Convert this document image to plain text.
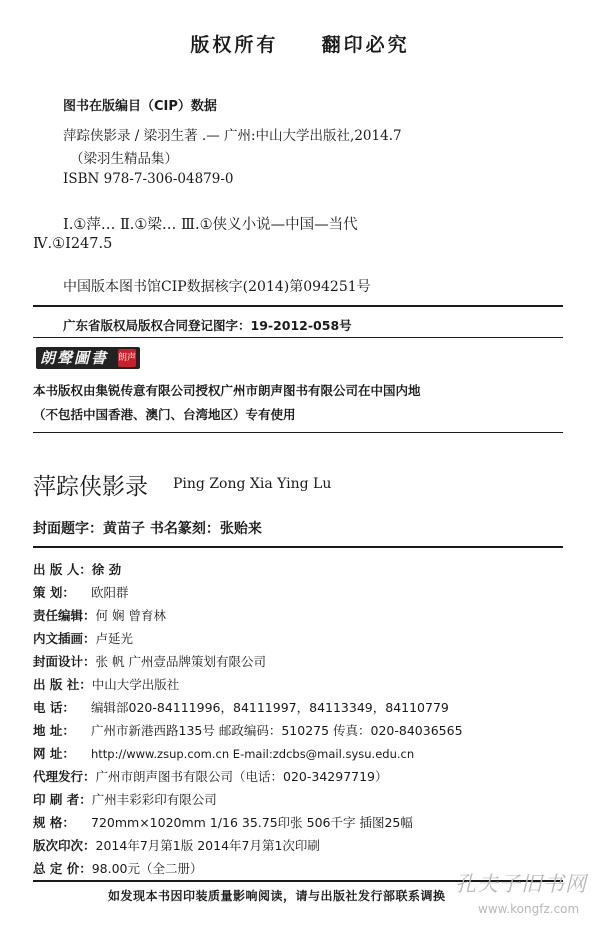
版权所有 翻印必究
图书在版编目（CIP）数据
萍踪侠影录 / 梁羽生著 .— 广州:中山大学出版社,2014.7
（梁羽生精品集）
ISBN 978-7-306-04879-0
Ⅰ.①萍… Ⅱ.①梁… Ⅲ.①侠义小说—中国—当代
Ⅳ.①I247.5
中国版本图书馆CIP数据核字(2014)第094251号
广东省版权局版权合同登记图字：19-2012-058号
朗聲圖書 朗声
本书版权由集锐传意有限公司授权广州市朗声图书有限公司在中国内地
（不包括中国香港、澳门、台湾地区）专有使用
萍踪侠影录 Ping Zong Xia Ying Lu
封面题字：黄苗子 书名篆刻：张贻来
出 版 人：徐 劲
策 划： 欧阳群
责任编辑：何 娴 曾育林
内文插画：卢延光
封面设计：张 帆 广州壹品牌策划有限公司
出 版 社：中山大学出版社
电 话： 编辑部020-84111996，84111997，84113349，84110779
地 址： 广州市新港西路135号 邮政编码：510275 传真：020-84036565
网 址： http://www.zsup.com.cn E-mail:zdcbs@mail.sysu.edu.cn
代理发行：广州市朗声图书有限公司（电话：020-34297719）
印 刷 者：广州丰彩彩印有限公司
规 格： 720mm×1020mm 1/16 35.75印张 506千字 插图25幅
版次印次：2014年7月第1版 2014年7月第1次印刷
总 定 价：98.00元（全二册）
如发现本书因印装质量影响阅读，请与出版社发行部联系调换 孔夫子旧书网
www.kongfz.com
